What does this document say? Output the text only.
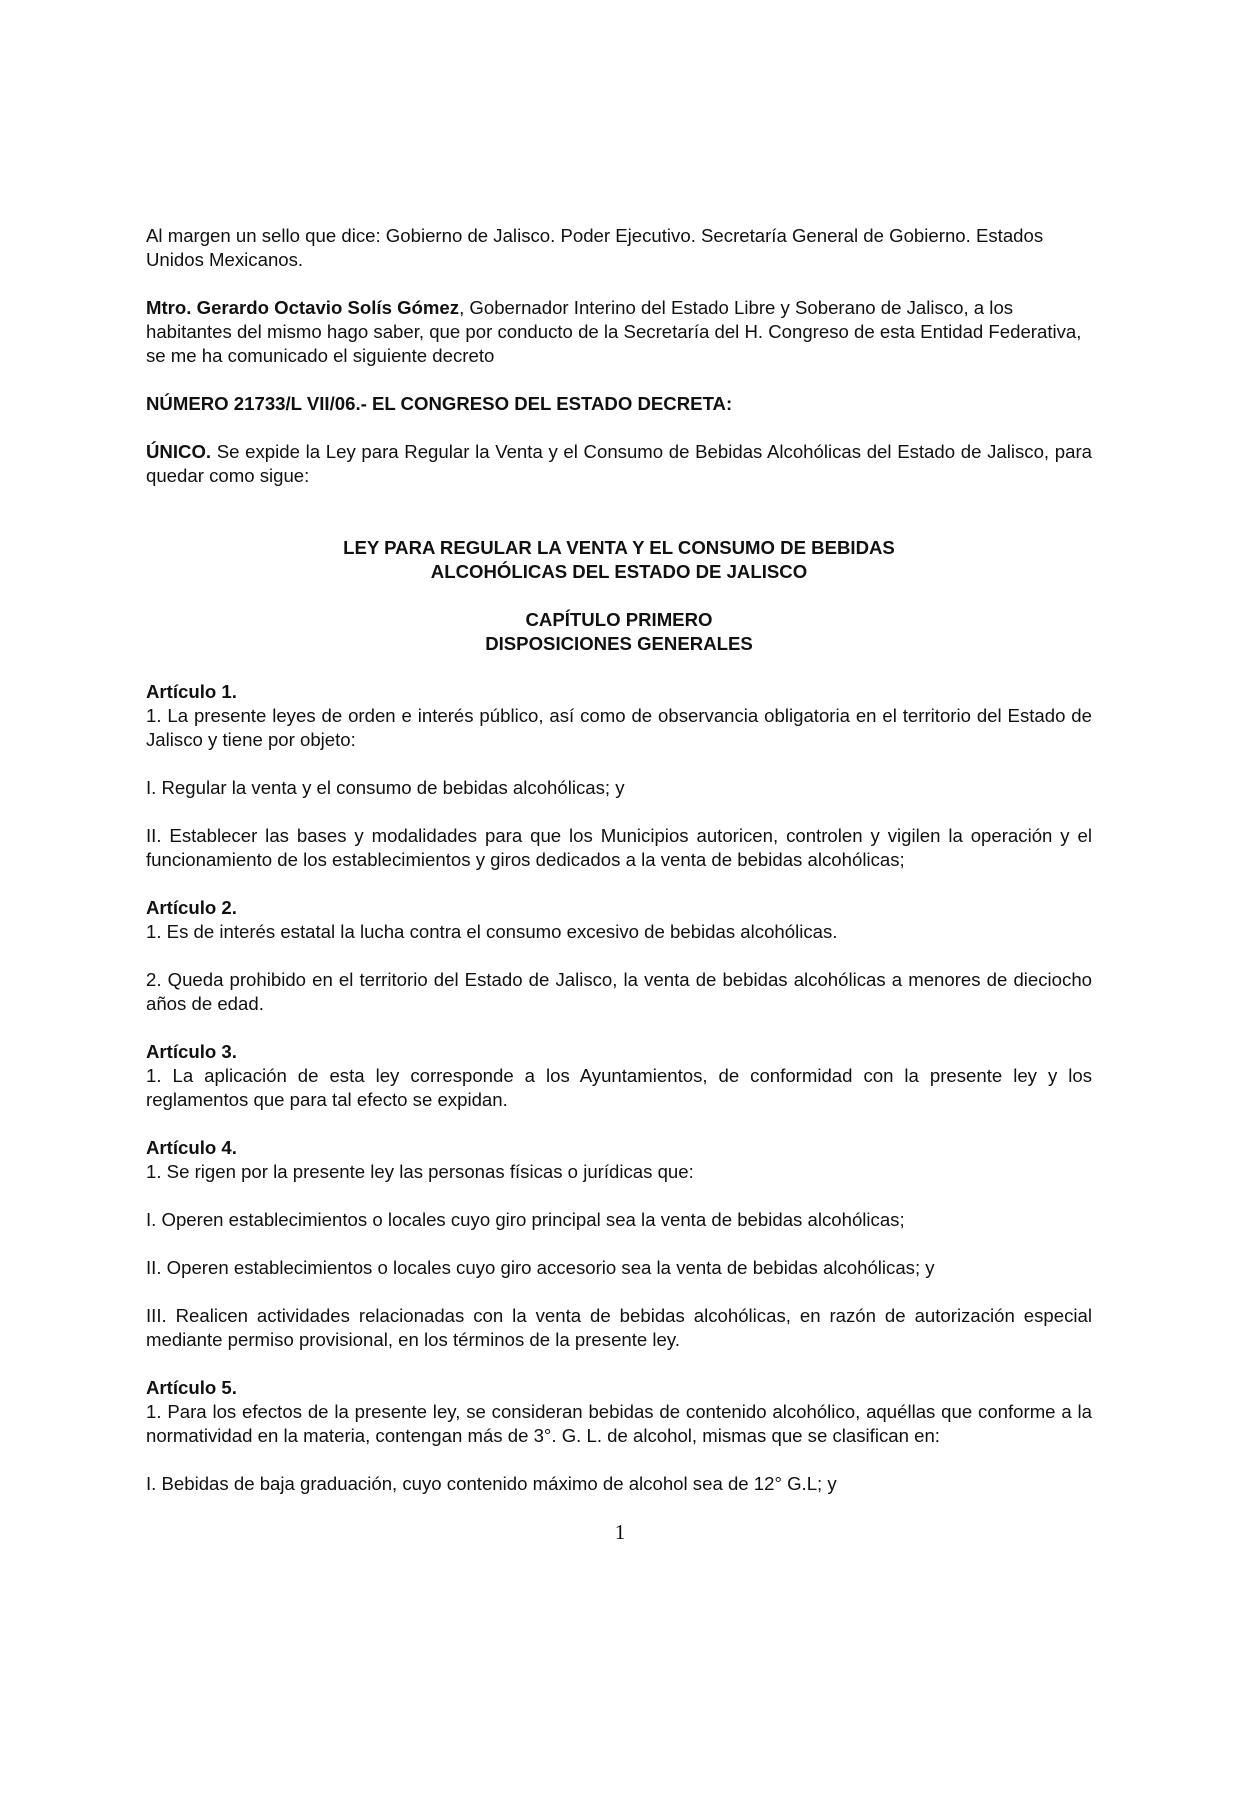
Al margen un sello que dice: Gobierno de Jalisco. Poder Ejecutivo. Secretaría General de Gobierno. Estados Unidos Mexicanos.

Mtro. Gerardo Octavio Solís Gómez, Gobernador Interino del Estado Libre y Soberano de Jalisco, a los habitantes del mismo hago saber, que por conducto de la Secretaría del H. Congreso de esta Entidad Federativa, se me ha comunicado el siguiente decreto

NÚMERO 21733/L VII/06.- EL CONGRESO DEL ESTADO DECRETA:

ÚNICO. Se expide la Ley para Regular la Venta y el Consumo de Bebidas Alcohólicas del Estado de Jalisco, para quedar como sigue:

LEY PARA REGULAR LA VENTA Y EL CONSUMO DE BEBIDAS

ALCOHÓLICAS DEL ESTADO DE JALISCO

CAPÍTULO PRIMERO

DISPOSICIONES GENERALES

Artículo 1.

1. La presente leyes de orden e interés público, así como de observancia obligatoria en el territorio del Estado de Jalisco y tiene por objeto:

I. Regular la venta y el consumo de bebidas alcohólicas; y

II. Establecer las bases y modalidades para que los Municipios autoricen, controlen y vigilen la operación y el funcionamiento de los establecimientos y giros dedicados a la venta de bebidas alcohólicas;

Artículo 2.

1. Es de interés estatal la lucha contra el consumo excesivo de bebidas alcohólicas.

2. Queda prohibido en el territorio del Estado de Jalisco, la venta de bebidas alcohólicas a menores de dieciocho años de edad.

Artículo 3.

1. La aplicación de esta ley corresponde a los Ayuntamientos, de conformidad con la presente ley y los reglamentos que para tal efecto se expidan.

Artículo 4.

1. Se rigen por la presente ley las personas físicas o jurídicas que:

I. Operen establecimientos o locales cuyo giro principal sea la venta de bebidas alcohólicas;

II. Operen establecimientos o locales cuyo giro accesorio sea la venta de bebidas alcohólicas; y

III. Realicen actividades relacionadas con la venta de bebidas alcohólicas, en razón de autorización especial mediante permiso provisional, en los términos de la presente ley.

Artículo 5.

1. Para los efectos de la presente ley, se consideran bebidas de contenido alcohólico, aquéllas que conforme a la normatividad en la materia, contengan más de 3°. G. L. de alcohol, mismas que se clasifican en:

I. Bebidas de baja graduación, cuyo contenido máximo de alcohol sea de 12° G.L; y

1
